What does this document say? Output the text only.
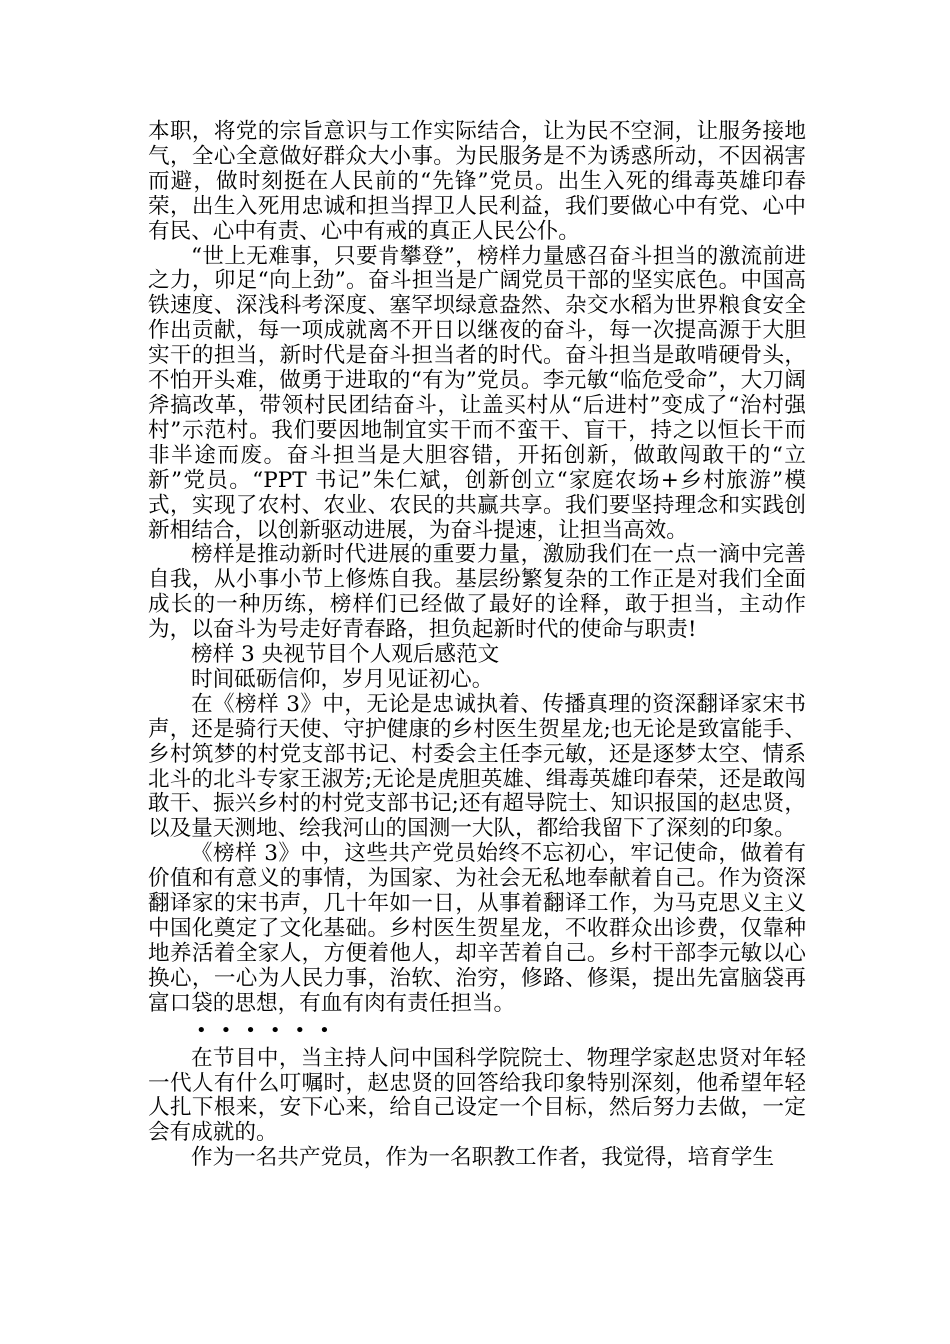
本职，将党的宗旨意识与工作实际结合，让为民不空洞，让服务接地气，全心全意做好群众大小事。为民服务是不为诱惑所动，不因祸害而避，做时刻挺在人民前的“先锋”党员。出生入死的缉毒英雄印春荣，出生入死用忠诚和担当捍卫人民利益，我们要做心中有党、心中有民、心中有责、心中有戒的真正人民公仆。

“世上无难事，只要肯攀登”，榜样力量感召奋斗担当的激流前进之力，卯足“向上劲”。奋斗担当是广阔党员干部的坚实底色。中国高铁速度、深浅科考深度、塞罕坝绿意盎然、杂交水稻为世界粮食安全作出贡献，每一项成就离不开日以继夜的奋斗，每一次提高源于大胆实干的担当，新时代是奋斗担当者的时代。奋斗担当是敢啃硬骨头，不怕开头难，做勇于进取的“有为”党员。李元敏“临危受命”，大刀阔斧搞改革，带领村民团结奋斗，让盖买村从“后进村”变成了“治村强村”示范村。我们要因地制宜实干而不蛮干、盲干，持之以恒长干而非半途而废。奋斗担当是大胆容错，开拓创新，做敢闯敢干的“立新”党员。“PPT 书记”朱仁斌，创新创立“家庭农场+乡村旅游”模式，实现了农村、农业、农民的共赢共享。我们要坚持理念和实践创新相结合，以创新驱动进展，为奋斗提速，让担当高效。

榜样是推动新时代进展的重要力量，激励我们在一点一滴中完善自我，从小事小节上修炼自我。基层纷繁复杂的工作正是对我们全面成长的一种历练，榜样们已经做了最好的诠释，敢于担当，主动作为，以奋斗为号走好青春路，担负起新时代的使命与职责!

榜样 3 央视节目个人观后感范文

时间砥砺信仰，岁月见证初心。

在《榜样 3》中，无论是忠诚执着、传播真理的资深翻译家宋书声，还是骑行天使、守护健康的乡村医生贺星龙;也无论是致富能手、乡村筑梦的村党支部书记、村委会主任李元敏，还是逐梦太空、情系北斗的北斗专家王淑芳;无论是虎胆英雄、缉毒英雄印春荣，还是敢闯敢干、振兴乡村的村党支部书记;还有超导院士、知识报国的赵忠贤，以及量天测地、绘我河山的国测一大队，都给我留下了深刻的印象。

《榜样 3》中，这些共产党员始终不忘初心，牢记使命，做着有价值和有意义的事情，为国家、为社会无私地奉献着自己。作为资深翻译家的宋书声，几十年如一日，从事着翻译工作，为马克思义主义中国化奠定了文化基础。乡村医生贺星龙，不收群众出诊费，仅靠种地养活着全家人，方便着他人，却辛苦着自己。乡村干部李元敏以心换心，一心为人民力事，治软、治穷，修路、修渠，提出先富脑袋再富口袋的思想，有血有肉有责任担当。

••••••

在节目中，当主持人问中国科学院院士、物理学家赵忠贤对年轻一代人有什么叮嘱时，赵忠贤的回答给我印象特别深刻，他希望年轻人扎下根来，安下心来，给自己设定一个目标，然后努力去做，一定会有成就的。

作为一名共产党员，作为一名职教工作者，我觉得，培育学生
